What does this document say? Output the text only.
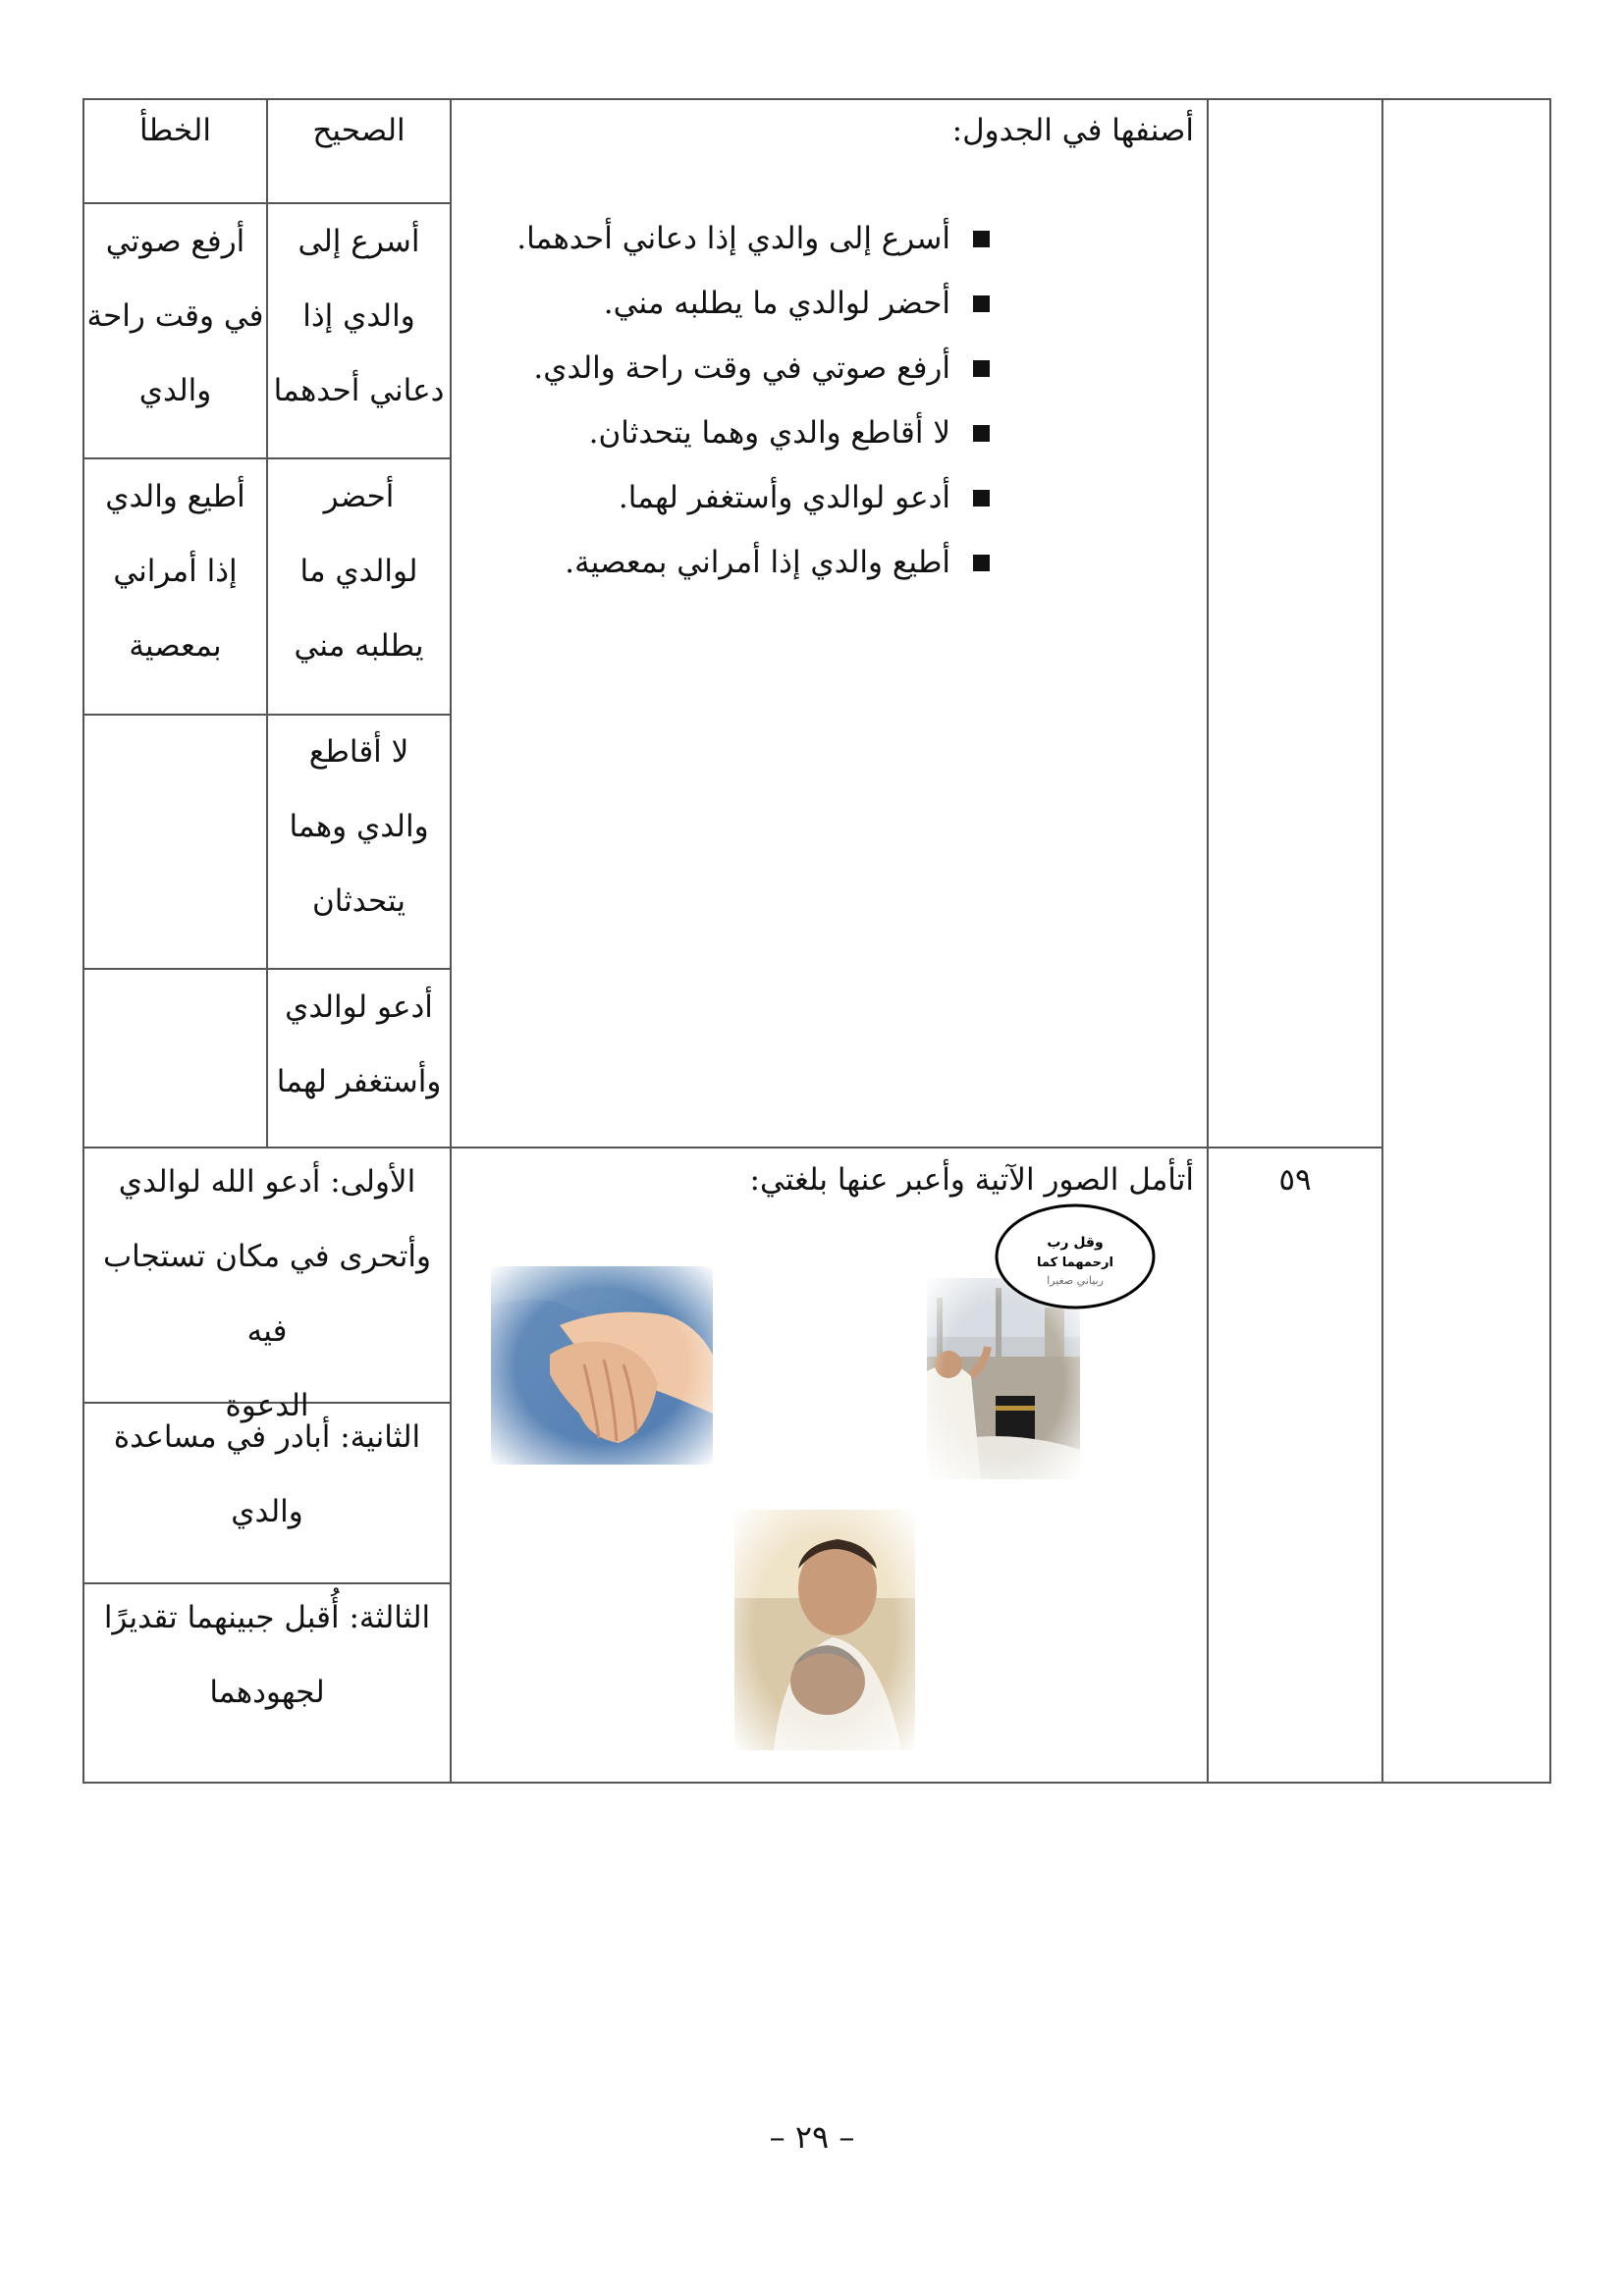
الخطأ	الصحيح
أسرع إلى
والدي إذا
دعاني أحدهما
أرفع صوتي
في وقت راحة
والدي
أحضر
لوالدي ما
يطلبه مني
أطيع والدي
إذا أمراني
بمعصية
لا أقاطع
والدي وهما
يتحدثان
أدعو لوالدي
وأستغفر لهما
أصنفها في الجدول:
أسرع إلى والدي إذا دعاني أحدهما.
أحضر لوالدي ما يطلبه مني.
أرفع صوتي في وقت راحة والدي.
لا أقاطع والدي وهما يتحدثان.
أدعو لوالدي وأستغفر لهما.
أطيع والدي إذا أمراني بمعصية.
٥٩
أتأمل الصور الآتية وأعبر عنها بلغتي:
الأولى: أدعو الله لوالدي
وأتحرى في مكان تستجاب فيه
الدعوة
الثانية: أبادر في مساعدة
والدي
الثالثة: أُقبل جبينهما تقديرًا
لجهودهما
وقل رب
ارحمهما كما
ربياني صغيرا
– ٢٩ –
